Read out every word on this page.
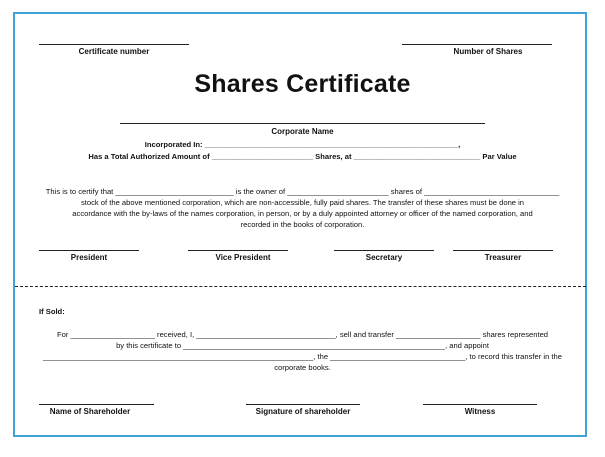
Certificate number	Number of Shares
Shares Certificate
Corporate Name
Incorporated In: ____________________________________________________________,
Has a Total Authorized Amount of ________________________ Shares, at ______________________________ Par Value
This is to certify that ____________________________ is the owner of ________________________ shares of ________________________________
stock of the above mentioned corporation, which are non-accessible, fully paid shares. The transfer of these shares must be done in
accordance with the by-laws of the names corporation, in person, or by a duly appointed attorney or officer of the named corporation, and
recorded in the books of corporation.
President	Vice President	Secretary	Treasurer
If Sold:
For ____________________ received, I, _________________________________, sell and transfer ____________________ shares represented
by this certificate to ______________________________________________________________, and appoint
________________________________________________________________, the ________________________________, to record this transfer in the
corporate books.
Name of Shareholder	Signature of shareholder	Witness
